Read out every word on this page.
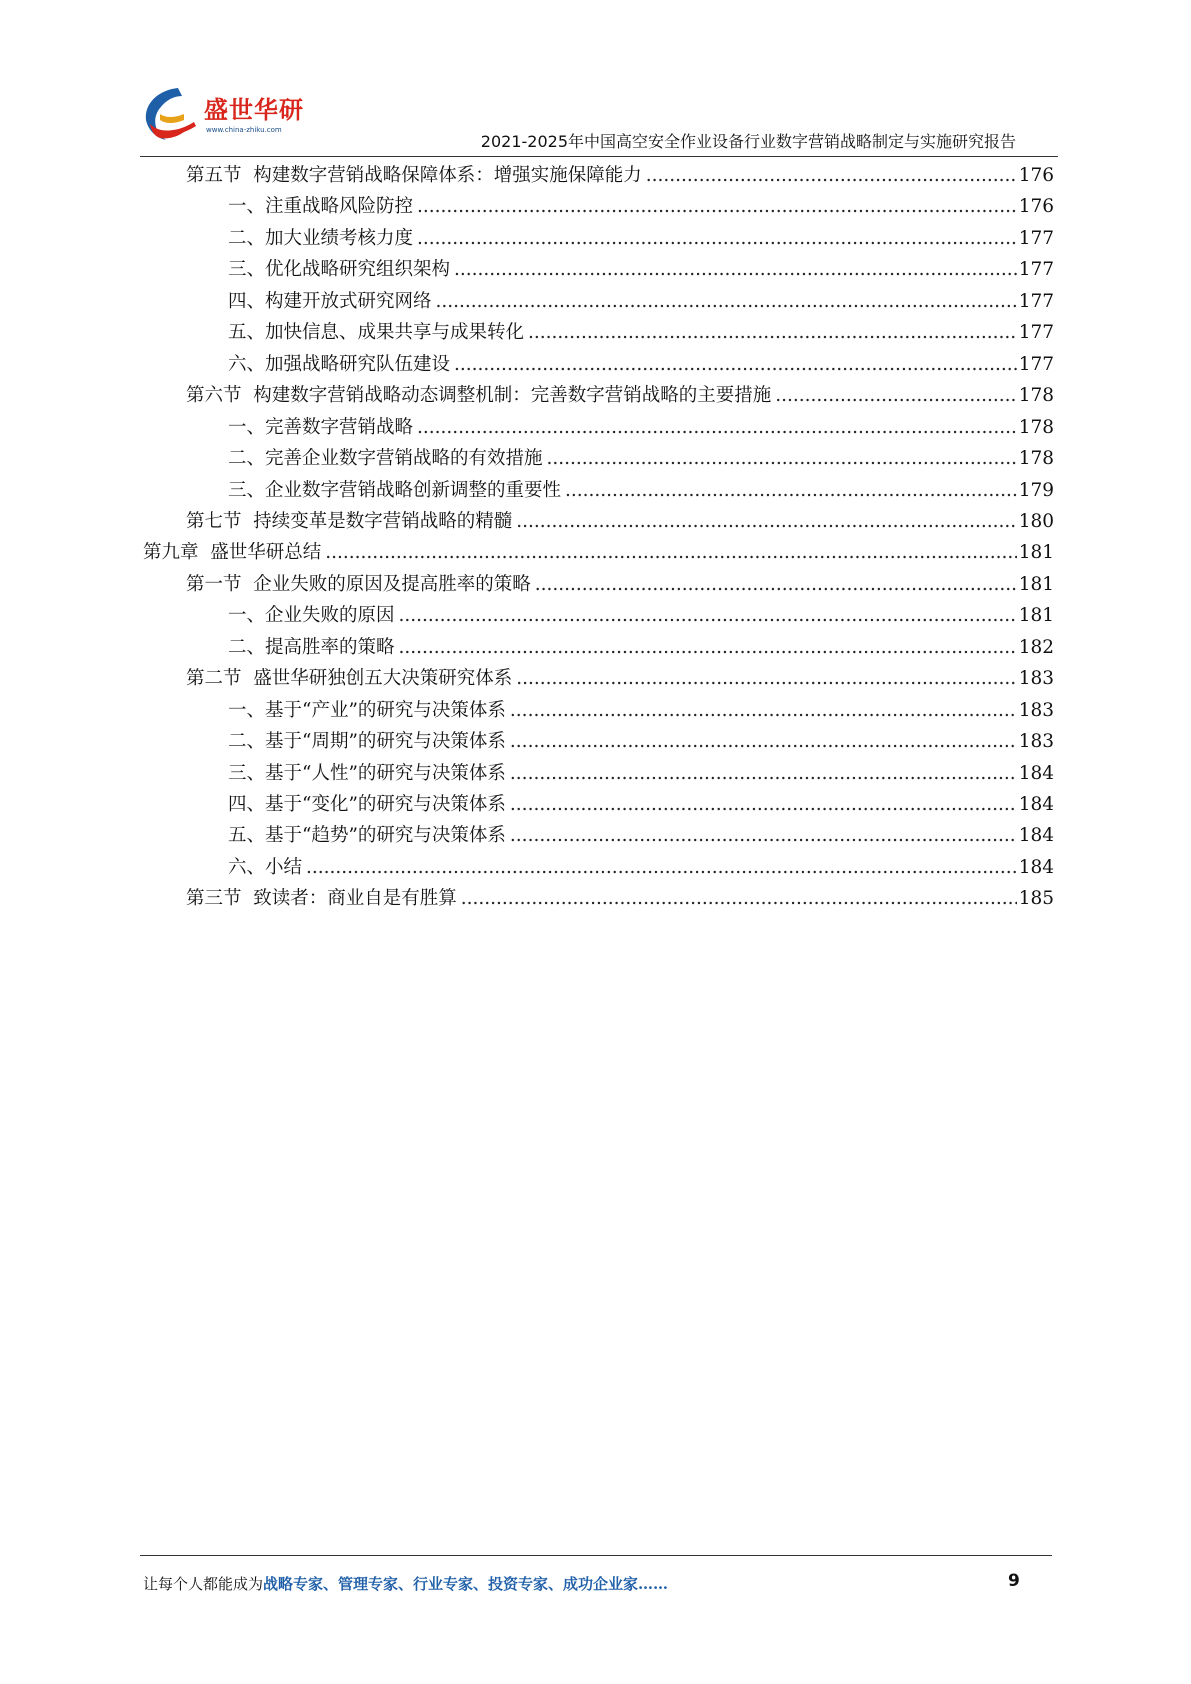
盛世华研
www.china-zhiku.com
2021-2025年中国高空安全作业设备行业数字营销战略制定与实施研究报告
第五节  构建数字营销战略保障体系：增强实施保障能力 .....	176
一、注重战略风险防控 .....	176
二、加大业绩考核力度 .....	177
三、优化战略研究组织架构 .....	177
四、构建开放式研究网络 .....	177
五、加快信息、成果共享与成果转化 .....	177
六、加强战略研究队伍建设 .....	177
第六节  构建数字营销战略动态调整机制：完善数字营销战略的主要措施 .....	178
一、完善数字营销战略 .....	178
二、完善企业数字营销战略的有效措施 .....	178
三、企业数字营销战略创新调整的重要性 .....	179
第七节  持续变革是数字营销战略的精髓 .....	180
第九章  盛世华研总结 .....	181
第一节  企业失败的原因及提高胜率的策略 .....	181
一、企业失败的原因 .....	181
二、提高胜率的策略 .....	182
第二节  盛世华研独创五大决策研究体系 .....	183
一、基于“产业”的研究与决策体系 .....	183
二、基于“周期”的研究与决策体系 .....	183
三、基于“人性”的研究与决策体系 .....	184
四、基于“变化”的研究与决策体系 .....	184
五、基于“趋势”的研究与决策体系 .....	184
六、小结 .....	184
第三节  致读者：商业自是有胜算 .....	185
让每个人都能成为战略专家、管理专家、行业专家、投资专家、成功企业家……	9
